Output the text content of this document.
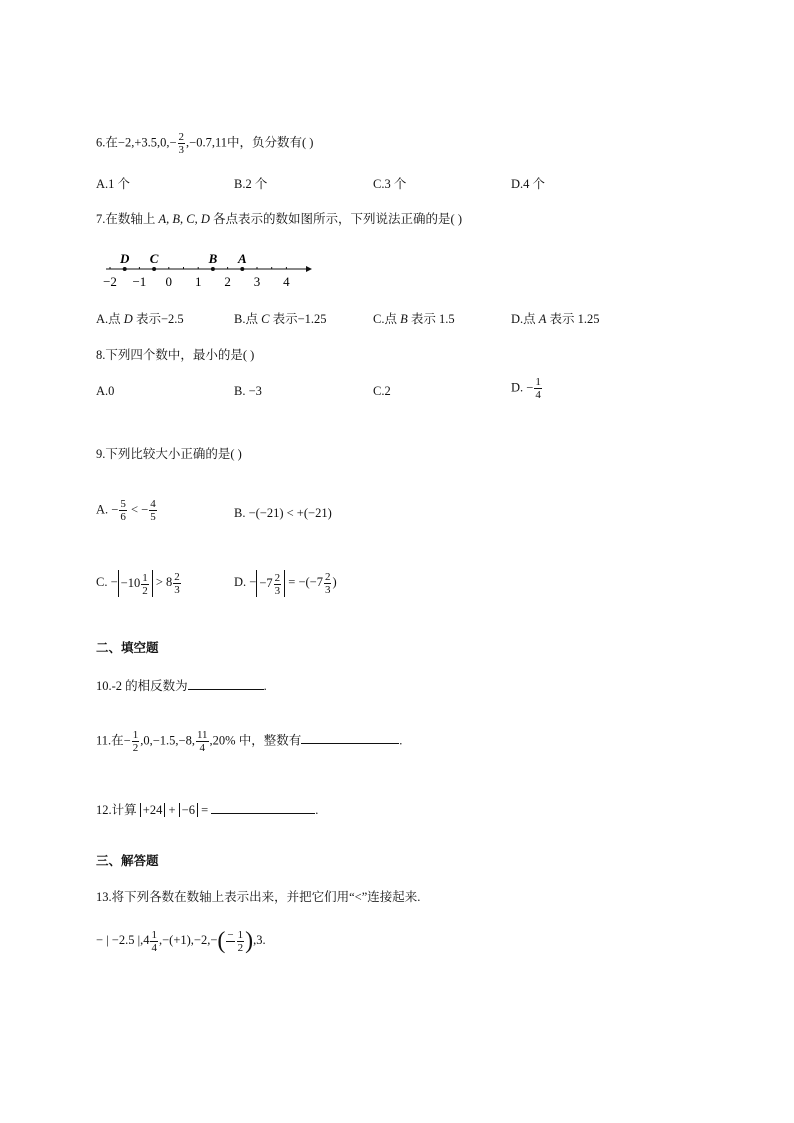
6.在$-2,+3.5,0,- \frac{2}{3} ,-0.7,11$中，负分数有( )
A.1 个	B.2 个	C.3 个	D.4 个
7.在数轴上 A, B, C, D 各点表示的数如图所示，下列说法正确的是( )
−2 −1 0 1 2 3 4
D C	B A
A.点 D 表示−2.5	B.点 C 表示−1.25	C.点 B 表示 1.5	D.点 A 表示 1.25
8.下列四个数中，最小的是( )
A.0	B. −3	C.2	D. − $\frac{1}{4}$
9.下列比较大小正确的是( )
A. − $\frac{5}{6}$ < − $\frac{4}{5}$	B. −(−21) < +(−21)
C. − $-10 \frac{1}{2} > 8 \frac{2}{3}$	D. − $-7 \frac{2}{3} = -(-7 \frac{2}{3}$ )
二、填空题
10.-2 的相反数为	.
11.在− $\frac{1}{2} ,0,-1.5,-8$, $\frac{11}{4} ,20\%$ 中，整数有	.
12.计算 +24 + −6 =	.
三、解答题
13.将下列各数在数轴上表示出来，并把它们用“<”连接起来.
− | −2.5 $|,4 \frac{1}{4} ,-(+1),-2,-( - \frac{1}{2} ),3$.
